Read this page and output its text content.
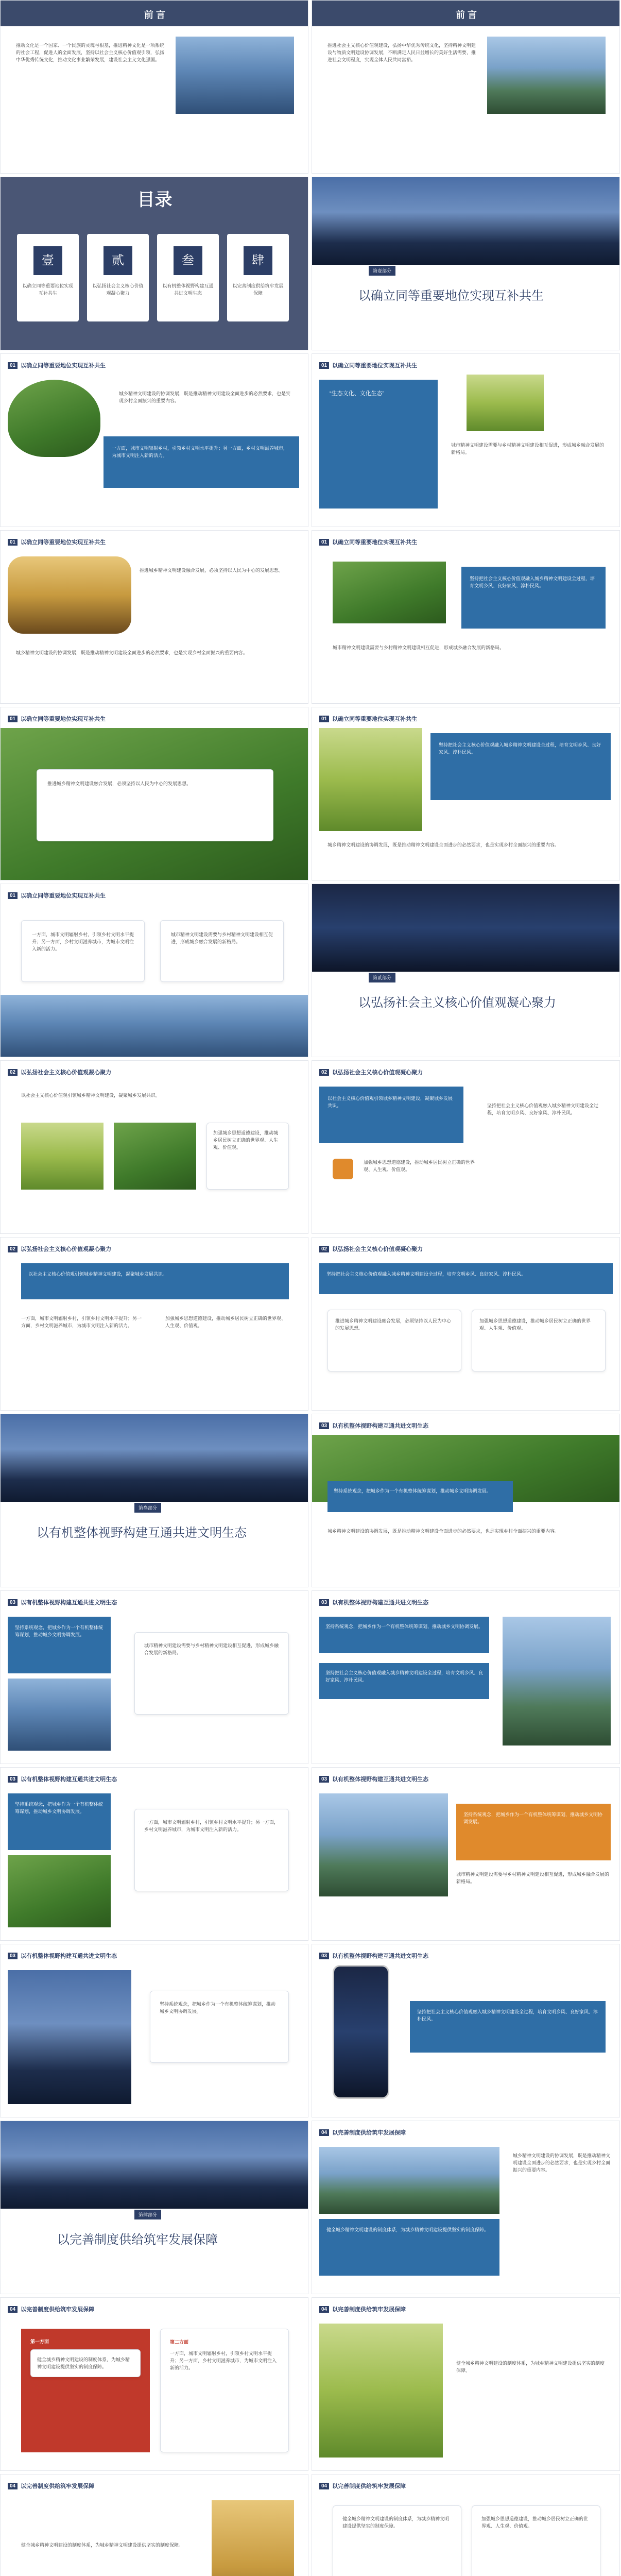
前 言
推动文化是一个国家、一个民族的灵魂与根基，推进精神文化是一项系统的社会工程，促进人的全面发展，坚持以社会主义核心价值观引领，弘扬中华优秀传统文化，推动文化事业繁荣发展，建设社会主义文化强国。
前 言
推进社会主义核心价值观建设，弘扬中华优秀传统文化，坚持精神文明建设与物质文明建设协调发展，不断满足人民日益增长的美好生活需要，推进社会文明程度，实现全体人民共同富裕。
目录
壹
以确立同等重要地位实现互补共生
贰
以弘扬社会主义核心价值观凝心聚力
叁
以有机整体视野构建互通共进文明生态
肆
以完善制度供给筑牢发展保障
第壹部分
以确立同等重要地位实现互补共生
01 以确立同等重要地位实现互补共生
城乡精神文明建设的协调发展，既是推动精神文明建设全面进步的必然要求，也是实现乡村全面振兴的重要内容。
一方面，城市文明辐射乡村，引领乡村文明水平提升；另一方面，乡村文明滋养城市，为城市文明注入新的活力。
01 以确立同等重要地位实现互补共生
“生态文化、文化生态”
城市精神文明建设需要与乡村精神文明建设相互促进，形成城乡融合发展的新格局。
01 以确立同等重要地位实现互补共生
推进城乡精神文明建设融合发展，必须坚持以人民为中心的发展思想。
城乡精神文明建设的协调发展，既是推动精神文明建设全面进步的必然要求，也是实现乡村全面振兴的重要内容。
01 以确立同等重要地位实现互补共生
坚持把社会主义核心价值观融入城乡精神文明建设全过程，培育文明乡风、良好家风、淳朴民风。
城市精神文明建设需要与乡村精神文明建设相互促进，形成城乡融合发展的新格局。
01 以确立同等重要地位实现互补共生
推进城乡精神文明建设融合发展，必须坚持以人民为中心的发展思想。
01 以确立同等重要地位实现互补共生
坚持把社会主义核心价值观融入城乡精神文明建设全过程，培育文明乡风、良好家风、淳朴民风。
城乡精神文明建设的协调发展，既是推动精神文明建设全面进步的必然要求，也是实现乡村全面振兴的重要内容。
01 以确立同等重要地位实现互补共生
一方面，城市文明辐射乡村，引领乡村文明水平提升；另一方面，乡村文明滋养城市，为城市文明注入新的活力。
城市精神文明建设需要与乡村精神文明建设相互促进，形成城乡融合发展的新格局。
第贰部分
以弘扬社会主义核心价值观凝心聚力
02 以弘扬社会主义核心价值观凝心聚力
以社会主义核心价值观引领城乡精神文明建设，凝聚城乡发展共识。
加强城乡思想道德建设，推动城乡居民树立正确的世界观、人生观、价值观。
02 以弘扬社会主义核心价值观凝心聚力
以社会主义核心价值观引领城乡精神文明建设，凝聚城乡发展共识。
加强城乡思想道德建设，推动城乡居民树立正确的世界观、人生观、价值观。
坚持把社会主义核心价值观融入城乡精神文明建设全过程，培育文明乡风、良好家风、淳朴民风。
02 以弘扬社会主义核心价值观凝心聚力
以社会主义核心价值观引领城乡精神文明建设，凝聚城乡发展共识。
一方面，城市文明辐射乡村，引领乡村文明水平提升；另一方面，乡村文明滋养城市，为城市文明注入新的活力。
加强城乡思想道德建设，推动城乡居民树立正确的世界观、人生观、价值观。
02 以弘扬社会主义核心价值观凝心聚力
坚持把社会主义核心价值观融入城乡精神文明建设全过程，培育文明乡风、良好家风、淳朴民风。
推进城乡精神文明建设融合发展，必须坚持以人民为中心的发展思想。
加强城乡思想道德建设，推动城乡居民树立正确的世界观、人生观、价值观。
第叁部分
以有机整体视野构建互通共进文明生态
03 以有机整体视野构建互通共进文明生态
坚持系统观念，把城乡作为一个有机整体统筹谋划，推动城乡文明协调发展。
城乡精神文明建设的协调发展，既是推动精神文明建设全面进步的必然要求，也是实现乡村全面振兴的重要内容。
03 以有机整体视野构建互通共进文明生态
坚持系统观念，把城乡作为一个有机整体统筹谋划，推动城乡文明协调发展。
城市精神文明建设需要与乡村精神文明建设相互促进，形成城乡融合发展的新格局。
03 以有机整体视野构建互通共进文明生态
坚持系统观念，把城乡作为一个有机整体统筹谋划，推动城乡文明协调发展。
坚持把社会主义核心价值观融入城乡精神文明建设全过程，培育文明乡风、良好家风、淳朴民风。
03 以有机整体视野构建互通共进文明生态
坚持系统观念，把城乡作为一个有机整体统筹谋划，推动城乡文明协调发展。
一方面，城市文明辐射乡村，引领乡村文明水平提升；另一方面，乡村文明滋养城市，为城市文明注入新的活力。
03 以有机整体视野构建互通共进文明生态
坚持系统观念，把城乡作为一个有机整体统筹谋划，推动城乡文明协调发展。
城市精神文明建设需要与乡村精神文明建设相互促进，形成城乡融合发展的新格局。
03 以有机整体视野构建互通共进文明生态
坚持系统观念，把城乡作为一个有机整体统筹谋划，推动城乡文明协调发展。
03 以有机整体视野构建互通共进文明生态
坚持把社会主义核心价值观融入城乡精神文明建设全过程，培育文明乡风、良好家风、淳朴民风。
第肆部分
以完善制度供给筑牢发展保障
04 以完善制度供给筑牢发展保障
健全城乡精神文明建设的制度体系，为城乡精神文明建设提供坚实的制度保障。
城乡精神文明建设的协调发展，既是推动精神文明建设全面进步的必然要求，也是实现乡村全面振兴的重要内容。
04 以完善制度供给筑牢发展保障
第一方面
健全城乡精神文明建设的制度体系，为城乡精神文明建设提供坚实的制度保障。
第二方面
一方面，城市文明辐射乡村，引领乡村文明水平提升；另一方面，乡村文明滋养城市，为城市文明注入新的活力。
04 以完善制度供给筑牢发展保障
健全城乡精神文明建设的制度体系，为城乡精神文明建设提供坚实的制度保障。
04 以完善制度供给筑牢发展保障
健全城乡精神文明建设的制度体系，为城乡精神文明建设提供坚实的制度保障。
04 以完善制度供给筑牢发展保障
健全城乡精神文明建设的制度体系，为城乡精神文明建设提供坚实的制度保障。
加强城乡思想道德建设，推动城乡居民树立正确的世界观、人生观、价值观。
